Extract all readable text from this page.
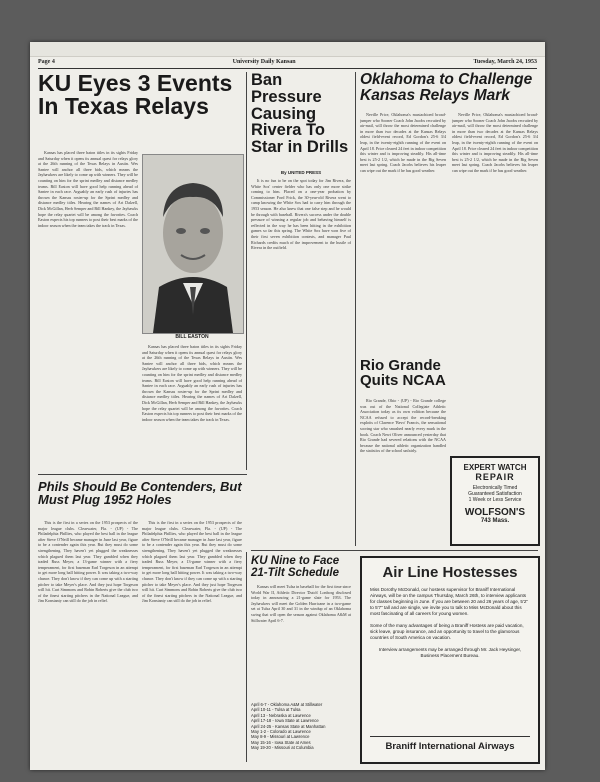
Page 4	University Daily Kansan	Tuesday, March 24, 1953
KU Eyes 3 Events In Texas Relays

Kansas has placed three baton titles in its sights Friday and Saturday when it opens its annual quest for relays glory at the 26th running of the Texas Relays in Austin. Wes Santee will anchor all three bids, which means the Jayhawkers are likely to come up with winners. They will be counting on him for the sprint medley and distance medley teams. Bill Easton will have good help running ahead of Santee in each race. Arguably an early rush of injuries has thrown the Kansas roster-up for the Sprint medley and distance medley titles. Hearing the names of Art Dalzell, Dick McGillan, Herb Semper and Bill Hankey, the Jayhawks hope the relay quartet will be among the favorites. Coach Easton expects his top runners to post their best marks of the indoor season when the team takes the track in Texas.

BILL EASTON

Kansas has placed three baton titles in its sights Friday and Saturday when it opens its annual quest for relays glory at the 26th running of the Texas Relays in Austin. Wes Santee will anchor all three bids, which means the Jayhawkers are likely to come up with winners. They will be counting on him for the sprint medley and distance medley teams. Bill Easton will have good help running ahead of Santee in each race. Arguably an early rush of injuries has thrown the Kansas roster-up for the Sprint medley and distance medley titles. Hearing the names of Art Dalzell, Dick McGillan, Herb Semper and Bill Hankey, the Jayhawks hope the relay quartet will be among the favorites. Coach Easton expects his top runners to post their best marks of the indoor season when the team takes the track in Texas.

Ban Pressure Causing Rivera To Star in Drills
By UNITED PRESS

It is no fun to be on the spot today for Jim Rivera, the White Sox' center fielder who has only one more strike coming to him. Placed on a one-year probation by Commissioner Ford Frick, the 30-year-old Rivera went to camp knowing the White Sox had to carry him through the 1953 season. He also knew that one false step and he would be through with baseball. Rivera's success under the double pressure of winning a regular job and behaving himself is reflected in the way he has been hitting in the exhibition games so far this spring. The White Sox have won five of their first seven exhibition contests, and manager Paul Richards credits much of the improvement to the hustle of Rivera in the outfield.

Oklahoma to Challenge Kansas Relays Mark

Neville Price, Oklahoma's mustachioed broad-jumper who Sooner Coach John Jacobs recruited by air-mail, will throw the most determined challenge in more than two decades at the Kansas Relays oldest field-event record, Ed Gordon's 25-6 3/4 leap, in the twenty-eighth running of the event on April 18. Price cleared 24 feet in indoor competition this winter and is improving steadily. His all-time best is 25-2 1/2, which he made in the Big Seven meet last spring. Coach Jacobs believes his leaper can wipe out the mark if he has good weather.

Neville Price, Oklahoma's mustachioed broad-jumper who Sooner Coach John Jacobs recruited by air-mail, will throw the most determined challenge in more than two decades at the Kansas Relays oldest field-event record, Ed Gordon's 25-6 3/4 leap, in the twenty-eighth running of the event on April 18. Price cleared 24 feet in indoor competition this winter and is improving steadily. His all-time best is 25-2 1/2, which he made in the Big Seven meet last spring. Coach Jacobs believes his leaper can wipe out the mark if he has good weather.

Rio Grande Quits NCAA

Rio Grande, Ohio - (UP) - Rio Grande college was out of the National Collegiate Athletic Association today as its own volition because the NCAA refused to accept the record-breaking exploits of Clarence 'Bevo' Francis, the sensational scoring star who smashed nearly every mark in the book. Coach Newt Oliver announced yesterday that Rio Grande had severed relations with the NCAA because the national athletic organization handled the statistics of the school unfairly.

EXPERT WATCH
REPAIR
Electronically Timed
Guaranteed Satisfaction
1 Week or Less Service
WOLFSON'S
743 Mass.
Phils Should Be Contenders, But Must Plug 1952 Holes

This is the first in a series on the 1953 prospects of the major league clubs. Clearwater, Fla. - (UP) - The Philadelphia Phillies, who played the best ball in the league after Steve O'Neill became manager in June last year, figure to be a contender again this year. But they must do some strengthening. They haven't yet plugged the weaknesses which plagued them last year. They gambled when they traded Russ Meyer, a 13-game winner with a fiery temperament, for first baseman Earl Torgeson in an attempt to get more long ball hitting power. It was taking a two-way chance. They don't know if they can come up with a starting pitcher to take Meyer's place. And they just hope Torgeson will hit. Curt Simmons and Robin Roberts give the club two of the finest starting pitchers in the National League, and Jim Konstanty can still do the job in relief.

This is the first in a series on the 1953 prospects of the major league clubs. Clearwater, Fla. - (UP) - The Philadelphia Phillies, who played the best ball in the league after Steve O'Neill became manager in June last year, figure to be a contender again this year. But they must do some strengthening. They haven't yet plugged the weaknesses which plagued them last year. They gambled when they traded Russ Meyer, a 13-game winner with a fiery temperament, for first baseman Earl Torgeson in an attempt to get more long ball hitting power. It was taking a two-way chance. They don't know if they can come up with a starting pitcher to take Meyer's place. And they just hope Torgeson will hit. Curt Simmons and Robin Roberts give the club two of the finest starting pitchers in the National League, and Jim Konstanty can still do the job in relief.

KU Nine to Face 21-Tilt Schedule

Kansas will meet Tulsa in baseball for the first time since World War II, Athletic Director 'Dutch' Lonborg disclosed today in announcing a 21-game slate for 1953. The Jayhawkers will meet the Golden Hurricane in a two-game set at Tulsa April 30 and 31 in the windup of an Oklahoma swing that will open the season against Oklahoma A&M at Stillwater April 6-7.

April 6-7 - Oklahoma A&M at Stillwater
April 10-11 - Tulsa at Tulsa
April 13 - Nebraska at Lawrence
April 17-18 - Iowa State at Lawrence
April 24-25 - Kansas State at Manhattan
May 1-2 - Colorado at Lawrence
May 8-9 - Missouri at Lawrence
May 15-16 - Iowa State at Ames
May 19-20 - Missouri at Columbia
Air Line Hostesses
Miss Dorothy McDonald, our hostess supervisor for Braniff International Airways, will be on the campus Thursday, March 26th, to interview applicants for classes beginning in June. If you are between 20 and 26 years of age, 5'2" to 5'7" tall and are single, we invite you to talk to Miss McDonald about this most fascinating of all careers for young women.
Some of the many advantages of being a Braniff Hostess are paid vacation, sick leave, group insurance, and an opportunity to travel to the glamorous countries of South America on vacation.
Interview arrangements may be arranged through Mr. Jack Heysinger, Business Placement Bureau.
Braniff International Airways
